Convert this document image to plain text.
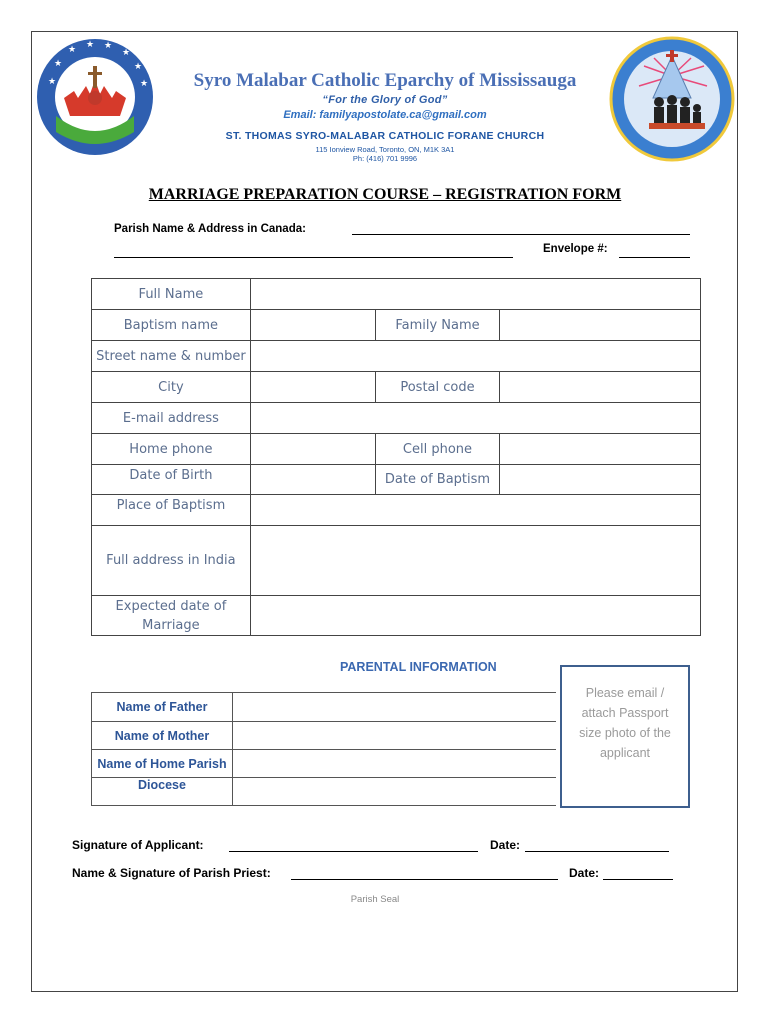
★
★
★ ★ ★
★
★
★	Syro Malabar Catholic Eparchy of Mississauga
“For the Glory of God”
Email: familyapostolate.ca@gmail.com
ST. THOMAS SYRO-MALABAR CATHOLIC FORANE CHURCH
115 Ionview Road, Toronto, ON, M1K 3A1
Ph: (416) 701 9996
MARRIAGE PREPARATION COURSE – REGISTRATION FORM
Parish Name & Address in Canada:
Envelope #:
Full Name			
Baptism name		Family Name	
Street name & number			
City		Postal code	
E-mail address			
Home phone		Cell phone	
Date of Birth		Date of Baptism	
Place of Baptism			
Full address in India			
Expected date of Marriage			
PARENTAL INFORMATION
Name of Father	
Name of Mother	
Name of Home Parish	
Diocese	
Please email / attach Passport size photo of the applicant
Signature of Applicant:	Date:
Name & Signature of Parish Priest:	Date:
Parish Seal
